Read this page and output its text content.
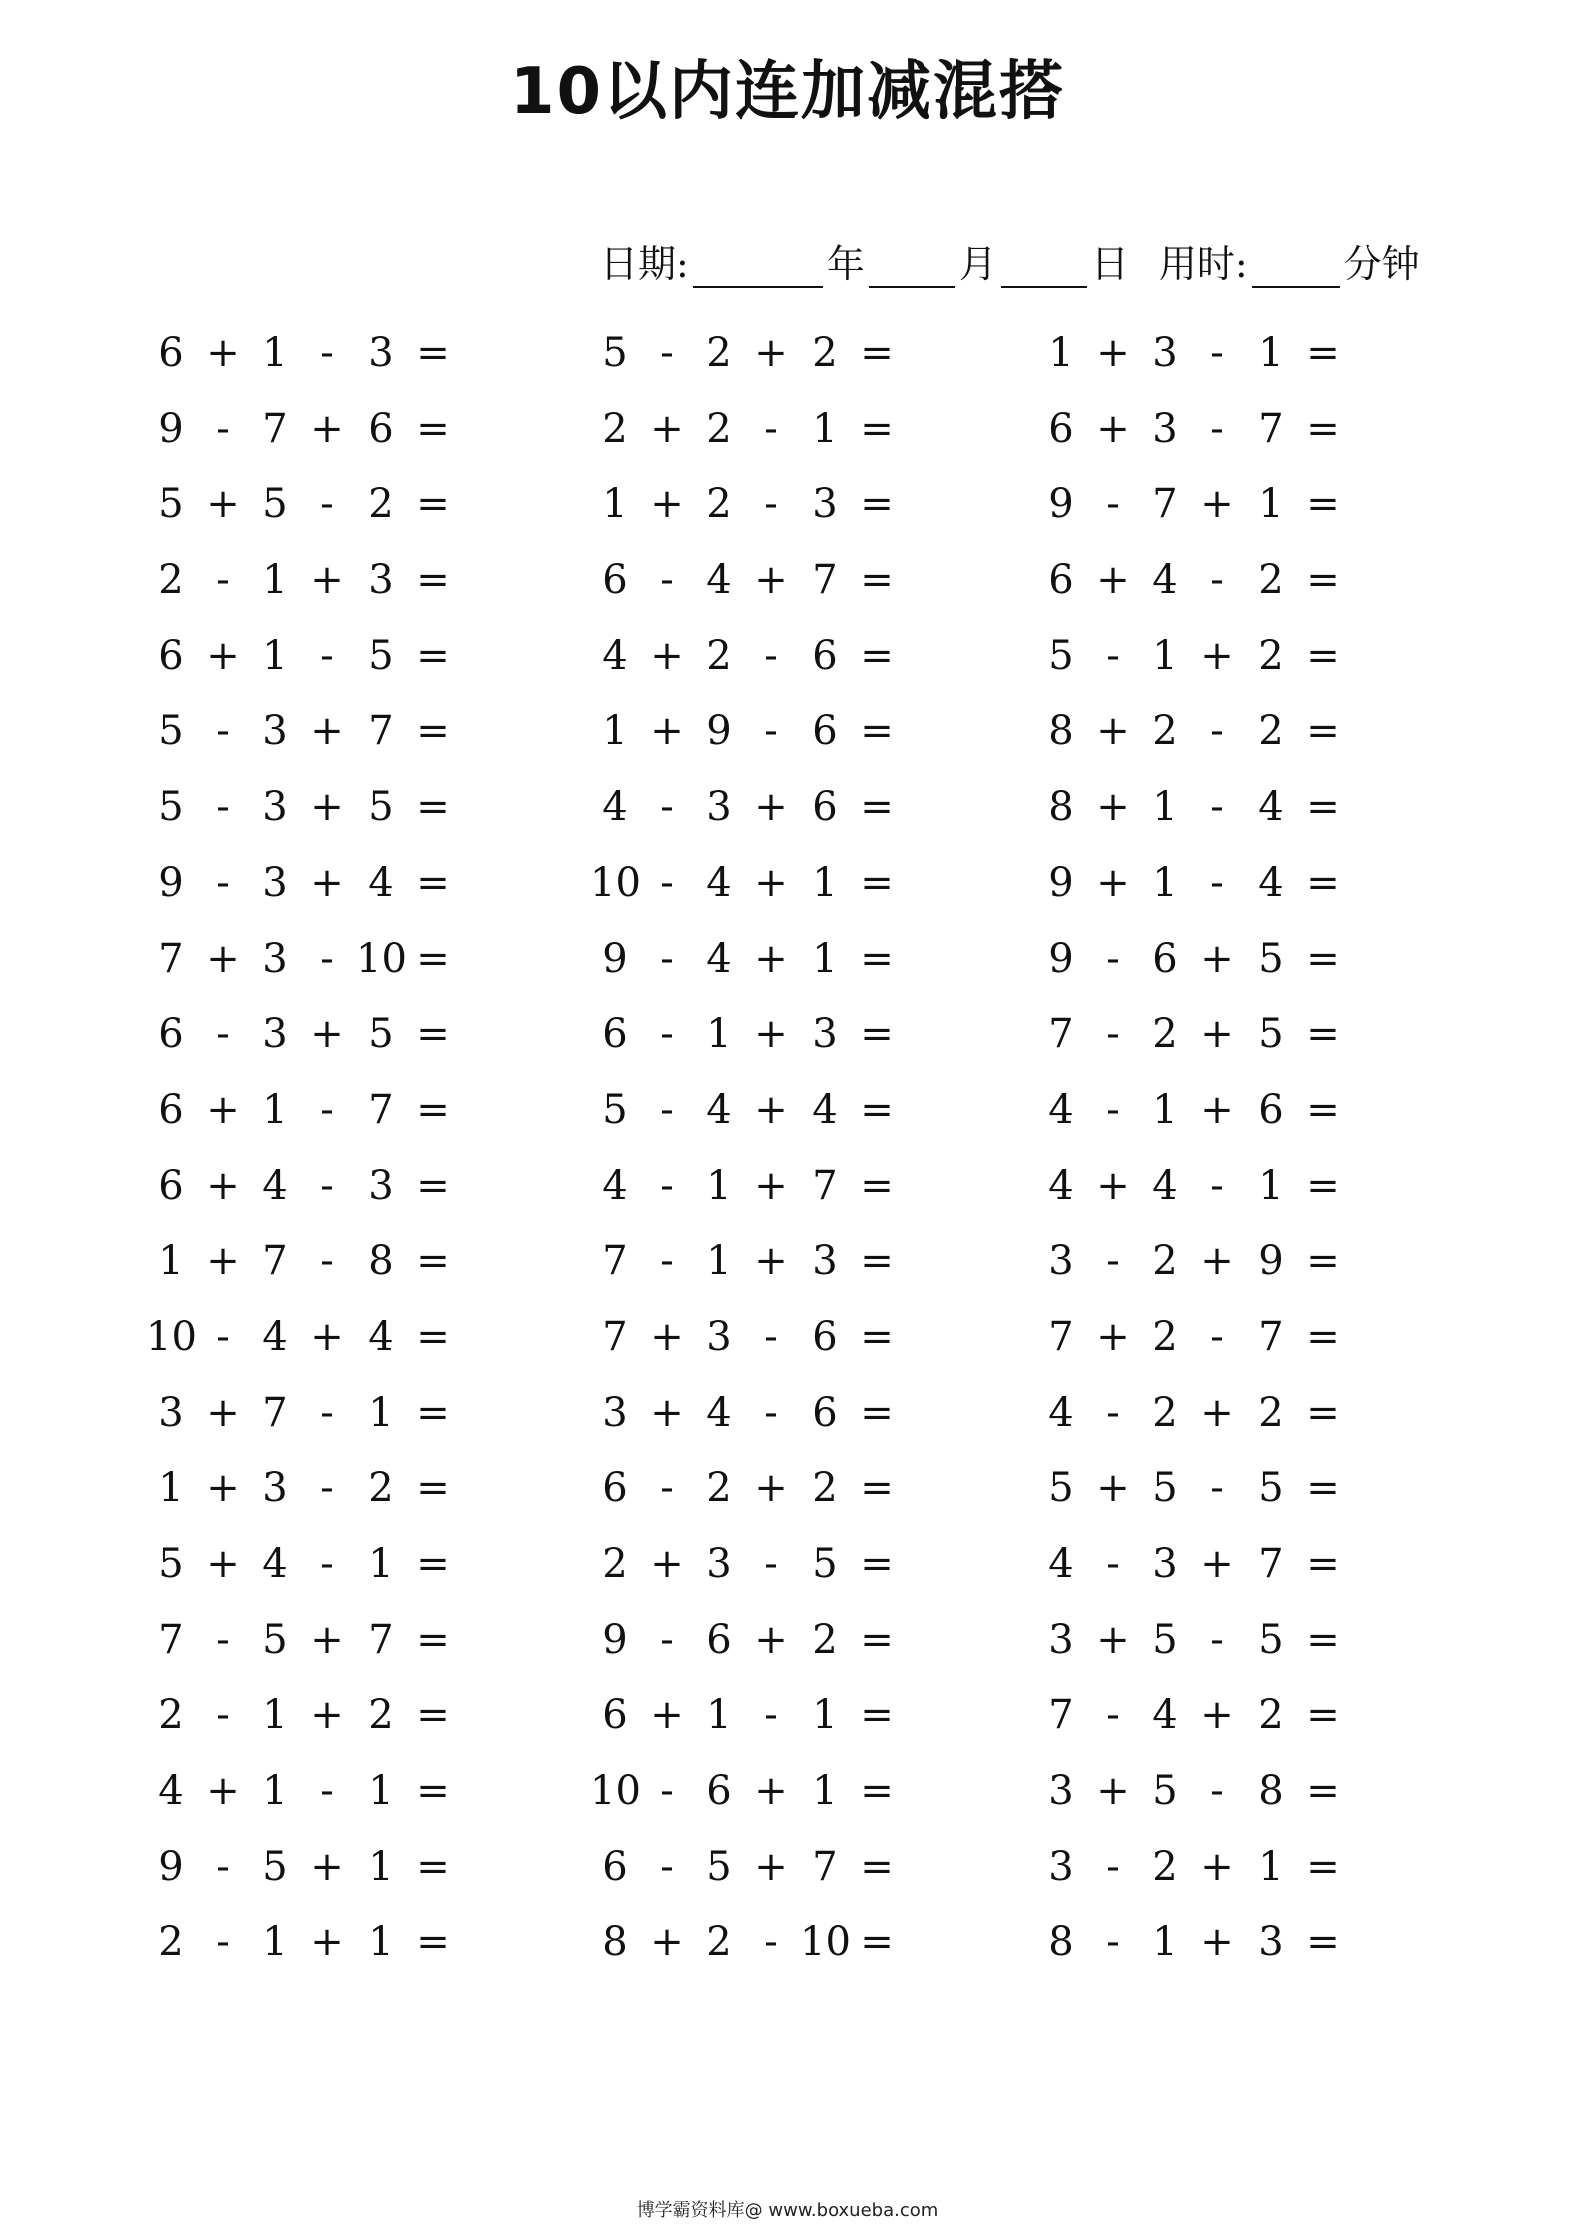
10以内连加减混搭
日期:	年 月 日 用时:	分钟
6 + 1 - 3 =
9 - 7 + 6 =
5 + 5 - 2 =
2 - 1 + 3 =
6 + 1 - 5 =
5 - 3 + 7 =
5 - 3 + 5 =
9 - 3 + 4 =
7 + 3 - 10 =
6 - 3 + 5 =
6 + 1 - 7 =
6 + 4 - 3 =
1 + 7 - 8 =
10 - 4 + 4 =
3 + 7 - 1 =
1 + 3 - 2 =
5 + 4 - 1 =
7 - 5 + 7 =
2 - 1 + 2 =
4 + 1 - 1 =
9 - 5 + 1 =
2 - 1 + 1 =
5 - 2 + 2 =
2 + 2 - 1 =
1 + 2 - 3 =
6 - 4 + 7 =
4 + 2 - 6 =
1 + 9 - 6 =
4 - 3 + 6 =
10 - 4 + 1 =
9 - 4 + 1 =
6 - 1 + 3 =
5 - 4 + 4 =
4 - 1 + 7 =
7 - 1 + 3 =
7 + 3 - 6 =
3 + 4 - 6 =
6 - 2 + 2 =
2 + 3 - 5 =
9 - 6 + 2 =
6 + 1 - 1 =
10 - 6 + 1 =
6 - 5 + 7 =
8 + 2 - 10 =
1 + 3 - 1 =
6 + 3 - 7 =
9 - 7 + 1 =
6 + 4 - 2 =
5 - 1 + 2 =
8 + 2 - 2 =
8 + 1 - 4 =
9 + 1 - 4 =
9 - 6 + 5 =
7 - 2 + 5 =
4 - 1 + 6 =
4 + 4 - 1 =
3 - 2 + 9 =
7 + 2 - 7 =
4 - 2 + 2 =
5 + 5 - 5 =
4 - 3 + 7 =
3 + 5 - 5 =
7 - 4 + 2 =
3 + 5 - 8 =
3 - 2 + 1 =
8 - 1 + 3 =
博学霸资料库@ www.boxueba.com
